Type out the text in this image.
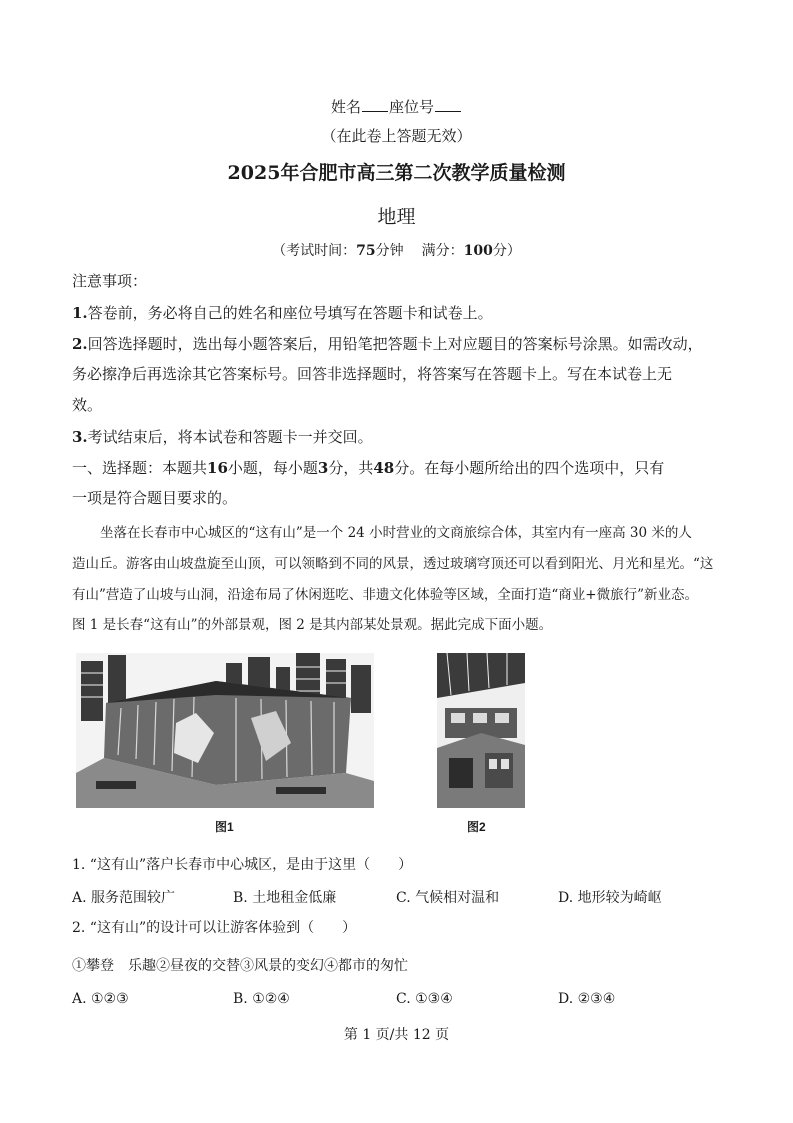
姓名 座位号
（在此卷上答题无效）
2025年合肥市高三第二次教学质量检测
地理
（考试时间：75分钟 满分：100分）
注意事项：
1.答卷前，务必将自己的姓名和座位号填写在答题卡和试卷上。
2.回答选择题时，选出每小题答案后，用铅笔把答题卡上对应题目的答案标号涂黑。如需改动，
务必擦净后再选涂其它答案标号。回答非选择题时，将答案写在答题卡上。写在本试卷上无
效。
3.考试结束后，将本试卷和答题卡一并交回。
一、选择题：本题共16小题，每小题3分，共48分。在每小题所给出的四个选项中，只有
一项是符合题目要求的。
坐落在长春市中心城区的“这有山”是一个 24 小时营业的文商旅综合体，其室内有一座高 30 米的人
造山丘。游客由山坡盘旋至山顶，可以领略到不同的风景，透过玻璃穹顶还可以看到阳光、月光和星光。“这
有山”营造了山坡与山洞，沿途布局了休闲逛吃、非遗文化体验等区域，全面打造“商业+微旅行”新业态。
图 1 是长春“这有山”的外部景观，图 2 是其内部某处景观。据此完成下面小题。
图1	图2
1. “这有山”落户长春市中心城区，是由于这里（　　）
A. 服务范围较广	B. 土地租金低廉	C. 气候相对温和	D. 地形较为崎岖
2. “这有山”的设计可以让游客体验到（　　）
①攀登　乐趣②昼夜的交替③风景的变幻④都市的匆忙
A. ①②③	B. ①②④	C. ①③④	D. ②③④
第 1 页/共 12 页
